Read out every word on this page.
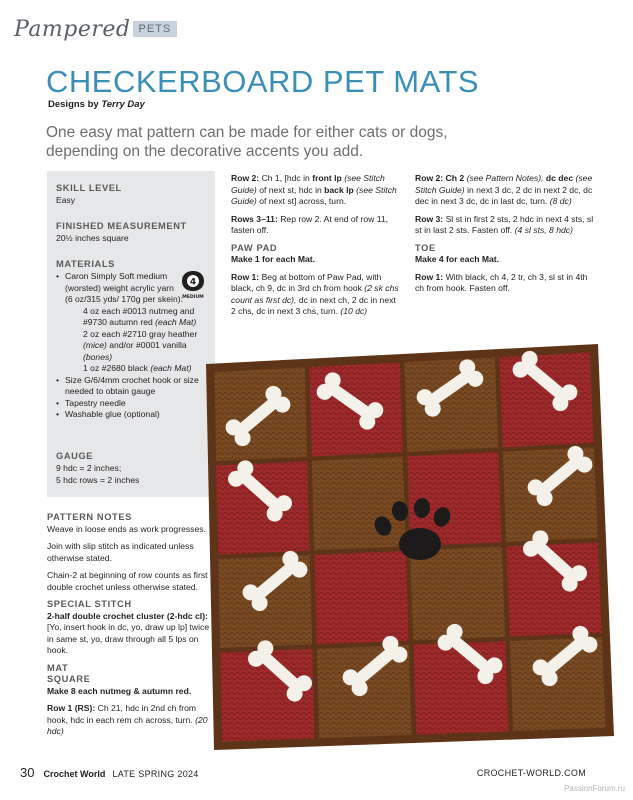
Pampered PETS
CHECKERBOARD PET MATS
Designs by Terry Day
One easy mat pattern can be made for either cats or dogs, depending on the decorative accents you add.
SKILL LEVEL
Easy
FINISHED MEASUREMENT
20½ inches square
MATERIALS
• Caron Simply Soft medium (worsted) weight acrylic yarn (6 oz/315 yds/ 170g per skein):
4 oz each #0013 nutmeg and #9730 autumn red (each Mat)
2 oz each #2710 gray heather
(mice) and/or #0001 vanilla
(bones)
1 oz #2680 black (each Mat)
• Size G/6/4mm crochet hook or size needed to obtain gauge
• Tapestry needle
• Washable glue (optional)
GAUGE
9 hdc = 2 inches;
5 hdc rows = 2 inches
4
MEDIUM
PATTERN NOTES

Weave in loose ends as work progresses.

Join with slip stitch as indicated unless otherwise stated.

Chain-2 at beginning of row counts as first double crochet unless otherwise stated.

SPECIAL STITCH

2-half double crochet cluster (2-hdc cl): [Yo, insert hook in dc, yo, draw up lp] twice in same st, yo, draw through all 5 lps on hook.

MAT
SQUARE

Make 8 each nutmeg & autumn red.

Row 1 (RS): Ch 21, hdc in 2nd ch from hook, hdc in each rem ch across, turn. (20 hdc)

Row 2: Ch 1, [hdc in front lp (see Stitch Guide) of next st, hdc in back lp (see Stitch Guide) of next st] across, turn.

Rows 3–11: Rep row 2. At end of row 11, fasten off.

PAW PAD

Make 1 for each Mat.

Row 1: Beg at bottom of Paw Pad, with black, ch 9, dc in 3rd ch from hook (2 sk chs count as first dc), dc in next ch, 2 dc in next 2 chs, dc in next 3 chs, turn. (10 dc)

Row 2: Ch 2 (see Pattern Notes), dc dec (see Stitch Guide) in next 3 dc, 2 dc in next 2 dc, dc dec in next 3 dc, dc in last dc, turn. (8 dc)

Row 3: Sl st in first 2 sts, 2 hdc in next 4 sts, sl st in last 2 sts. Fasten off. (4 sl sts, 8 hdc)

TOE

Make 4 for each Mat.

Row 1: With black, ch 4, 2 tr, ch 3, sl st in 4th ch from hook. Fasten off.

30 Crochet World LATE SPRING 2024	CROCHET-WORLD.COM
PassionForum.ru
